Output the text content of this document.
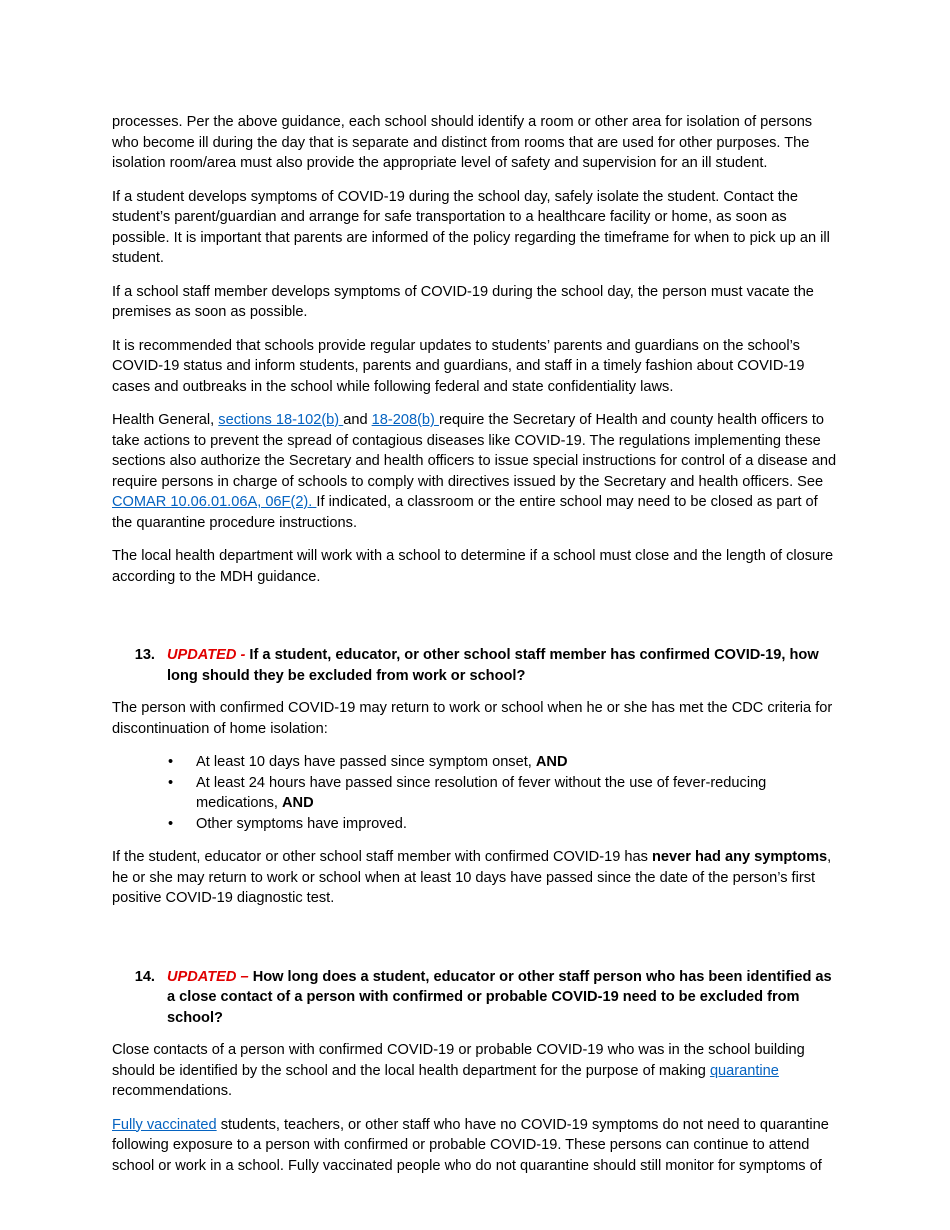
processes. Per the above guidance, each school should identify a room or other area for isolation of persons who become ill during the day that is separate and distinct from rooms that are used for other purposes. The isolation room/area must also provide the appropriate level of safety and supervision for an ill student.

If a student develops symptoms of COVID-19 during the school day, safely isolate the student. Contact the student’s parent/guardian and arrange for safe transportation to a healthcare facility or home, as soon as possible. It is important that parents are informed of the policy regarding the timeframe for when to pick up an ill student.

If a school staff member develops symptoms of COVID-19 during the school day, the person must vacate the premises as soon as possible.

It is recommended that schools provide regular updates to students’ parents and guardians on the school’s COVID-19 status and inform students, parents and guardians, and staff in a timely fashion about COVID-19 cases and outbreaks in the school while following federal and state confidentiality laws.

Health General, sections 18-102(b) and 18-208(b) require the Secretary of Health and county health officers to take actions to prevent the spread of contagious diseases like COVID-19. The regulations implementing these sections also authorize the Secretary and health officers to issue special instructions for control of a disease and require persons in charge of schools to comply with directives issued by the Secretary and health officers. See COMAR 10.06.01.06A, 06F(2). If indicated, a classroom or the entire school may need to be closed as part of the quarantine procedure instructions.

The local health department will work with a school to determine if a school must close and the length of closure according to the MDH guidance.

13. UPDATED - If a student, educator, or other school staff member has confirmed COVID-19, how long should they be excluded from work or school?

The person with confirmed COVID-19 may return to work or school when he or she has met the CDC criteria for discontinuation of home isolation:

• At least 10 days have passed since symptom onset, AND
• At least 24 hours have passed since resolution of fever without the use of fever-reducing medications, AND
• Other symptoms have improved.

If the student, educator or other school staff member with confirmed COVID-19 has never had any symptoms, he or she may return to work or school when at least 10 days have passed since the date of the person’s first positive COVID-19 diagnostic test.

14. UPDATED – How long does a student, educator or other staff person who has been identified as a close contact of a person with confirmed or probable COVID-19 need to be excluded from school?

Close contacts of a person with confirmed COVID-19 or probable COVID-19 who was in the school building should be identified by the school and the local health department for the purpose of making quarantine recommendations.

Fully vaccinated students, teachers, or other staff who have no COVID-19 symptoms do not need to quarantine following exposure to a person with confirmed or probable COVID-19. These persons can continue to attend school or work in a school. Fully vaccinated people who do not quarantine should still monitor for symptoms of
